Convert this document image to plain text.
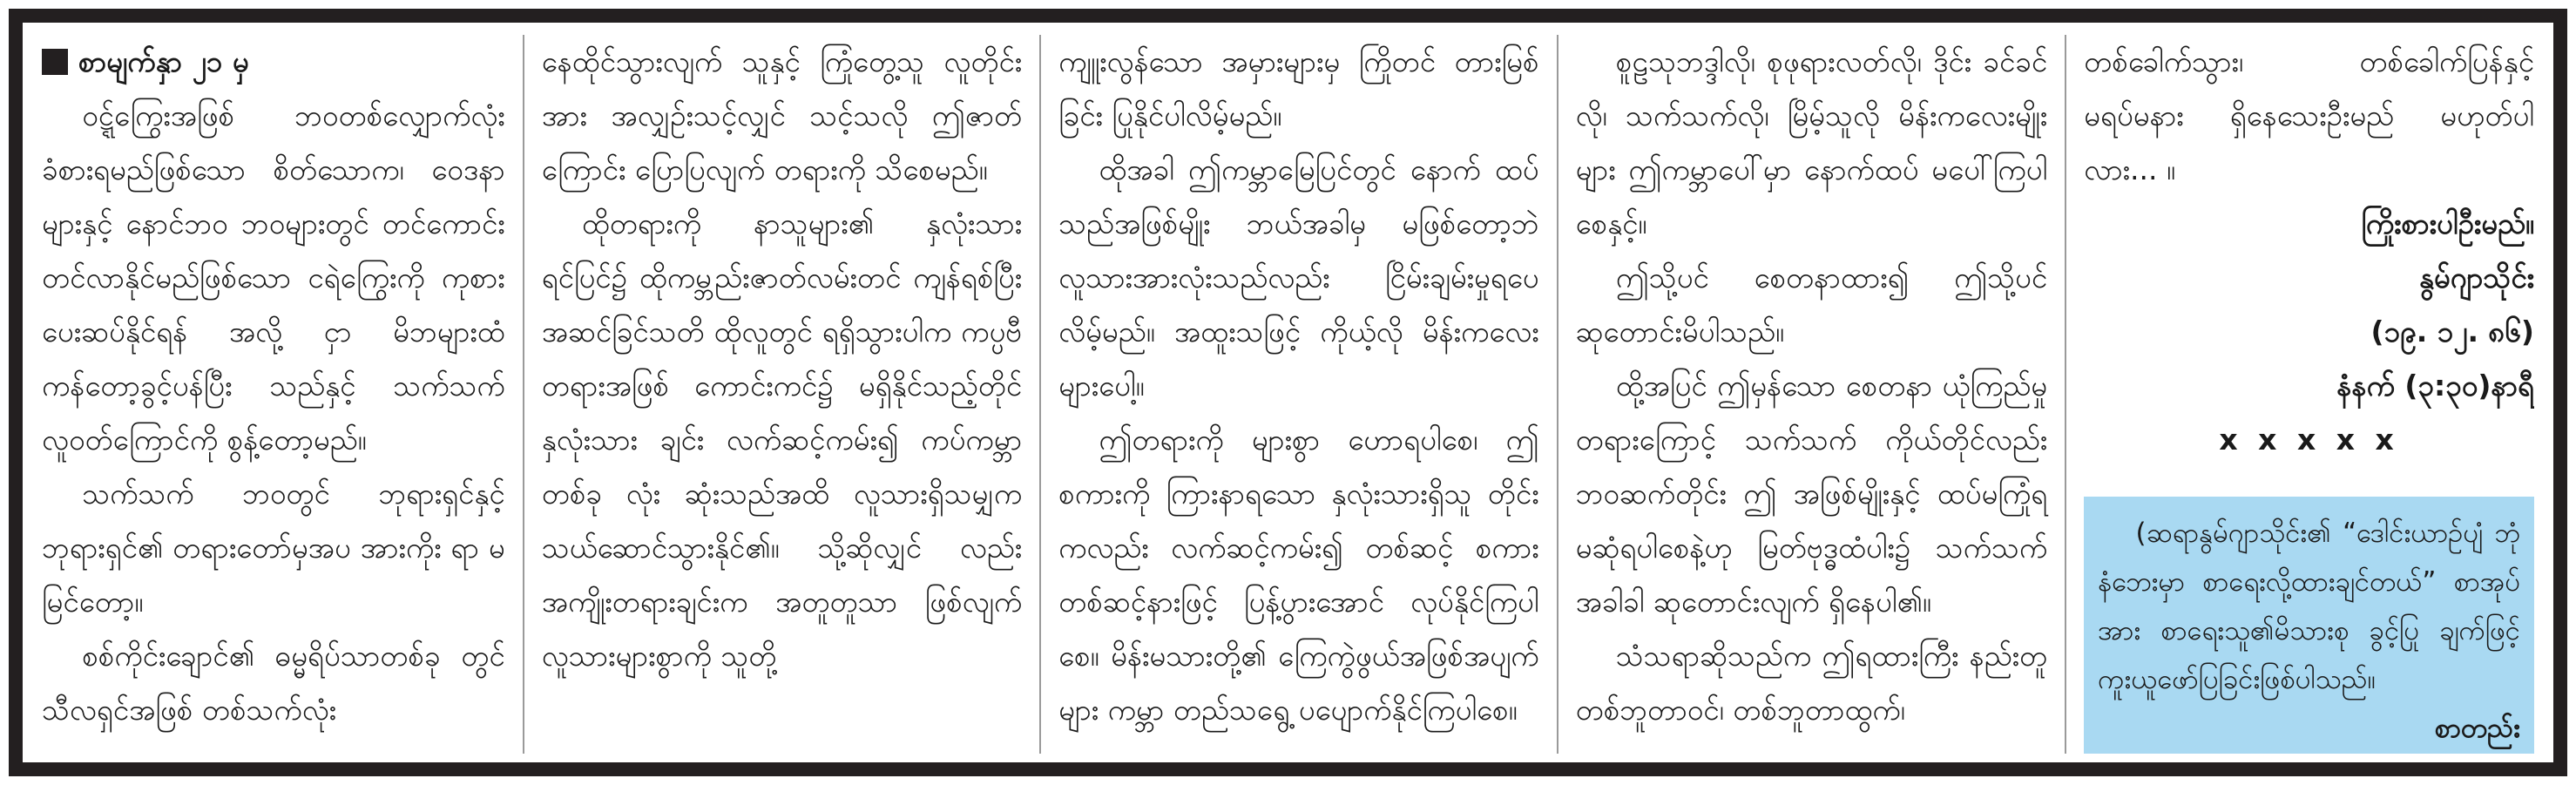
စာမျက်နှာ ၂၁ မှ

ဝဋ္ဋ်ကြွေးအဖြစ် ဘဝတစ်လျှောက်လုံး ခံစားရမည်ဖြစ်သော စိတ်သောက၊ ဝေဒနာများနှင့် နောင်ဘဝ ဘဝများတွင် တင်ကောင်း တင်လာနိုင်မည်ဖြစ်သော ငရဲကြွေးကို ကုစားပေးဆပ်နိုင်ရန် အလို့ ငှာ မိဘများထံ ကန်တော့ခွင့်ပန်ပြီး သည်နှင့် သက်သက် လူဝတ်ကြောင်ကို စွန့်တော့မည်။

သက်သက် ဘဝတွင် ဘုရားရှင်နှင့် ဘုရားရှင်၏ တရားတော်မှအပ အားကိုး ရာ မမြင်တော့။

စစ်ကိုင်းချောင်၏ ဓမ္မရိပ်သာတစ်ခု တွင် သီလရှင်အဖြစ် တစ်သက်လုံး

နေထိုင်သွားလျက် သူနှင့် ကြုံတွေ့သူ လူတိုင်းအား အလျှဉ်းသင့်လျှင် သင့်သလို ဤဇာတ်ကြောင်း ပြောပြလျက် တရားကို သိစေမည်။

ထိုတရားကို နာသူများ၏ နှလုံးသား ရင်ပြင်၌ ထိုကမ္ဘည်းဇာတ်လမ်းတင် ကျန်ရစ်ပြီး အဆင်ခြင်သတိ ထိုလူတွင် ရရှိသွားပါက ကပ္ပဗီတရားအဖြစ် ကောင်းကင်၌ မရှိနိုင်သည့်တိုင် နှလုံးသား ချင်း လက်ဆင့်ကမ်း၍ ကပ်ကမ္ဘာတစ်ခု လုံး ဆုံးသည်အထိ လူသားရှိသမျှက သယ်ဆောင်သွားနိုင်၏။ သို့ဆိုလျှင် လည်း အကျိုးတရားချင်းက အတူတူသာ ဖြစ်လျက် လူသားများစွာကို သူတို့

ကျူးလွန်သော အမှားများမှ ကြိုတင် တားမြစ်ခြင်း ပြုနိုင်ပါလိမ့်မည်။

ထိုအခါ ဤကမ္ဘာမြေပြင်တွင် နောက် ထပ် သည်အဖြစ်မျိုး ဘယ်အခါမှ မဖြစ်တော့ဘဲ လူသားအားလုံးသည်လည်း ငြိမ်းချမ်းမှုရပေလိမ့်မည်။ အထူးသဖြင့် ကိုယ့်လို မိန်းကလေးများပေါ့။

ဤတရားကို များစွာ ဟောရပါစေ၊ ဤ စကားကို ကြားနာရသော နှလုံးသားရှိသူ တိုင်းကလည်း လက်ဆင့်ကမ်း၍ တစ်ဆင့် စကားတစ်ဆင့်နားဖြင့် ပြန့်ပွားအောင် လုပ်နိုင်ကြပါစေ။ မိန်းမသားတို့၏ ကြေကွဲဖွယ်အဖြစ်အပျက်များ ကမ္ဘာ တည်သရွေ့ ပပျောက်နိုင်ကြပါစေ။

စူဠသုဘဒ္ဒါလို၊ စုဖုရားလတ်လို၊ ဒိုင်း ခင်ခင်လို၊ သက်သက်လို၊ မြိမ့်သူလို မိန်းကလေးမျိုးများ ဤကမ္ဘာပေါ်မှာ နောက်ထပ် မပေါ်ကြပါစေနှင့်။

ဤသို့ပင် စေတနာထား၍ ဤသို့ပင် ဆုတောင်းမိပါသည်။

ထို့အပြင် ဤမှန်သော စေတနာ ယုံကြည်မှု တရားကြောင့် သက်သက် ကိုယ်တိုင်လည်း ဘဝဆက်တိုင်း ဤ အဖြစ်မျိုးနှင့် ထပ်မကြုံရ မဆုံရပါစေနဲ့ဟု မြတ်ဗုဒ္ဓထံပါး၌ သက်သက် အခါခါ ဆုတောင်းလျက် ရှိနေပါ၏။

သံသရာဆိုသည်က ဤရထားကြီး နည်းတူ တစ်ဘူတာဝင်၊ တစ်ဘူတာထွက်၊

တစ်ခေါက်သွား၊ တစ်ခေါက်ပြန်နှင့် မရပ်မနား ရှိနေသေးဦးမည် မဟုတ်ပါ လား... ။

ကြိုးစားပါဦးမည်။

နွမ်ဂျာသိုင်း

(၁၉. ၁၂. ၈၆)

နံနက် (၃:၃၀)နာရီ

x x x x x

(ဆရာနွမ်ဂျာသိုင်း၏ “ဒေါင်းယာဉ်ပျံ ဘုံနံဘေးမှာ စာရေးလို့ထားချင်တယ်” စာအုပ်အား စာရေးသူ၏မိသားစု ခွင့်ပြု ချက်ဖြင့် ကူးယူဖော်ပြခြင်းဖြစ်ပါသည်။

စာတည်း
